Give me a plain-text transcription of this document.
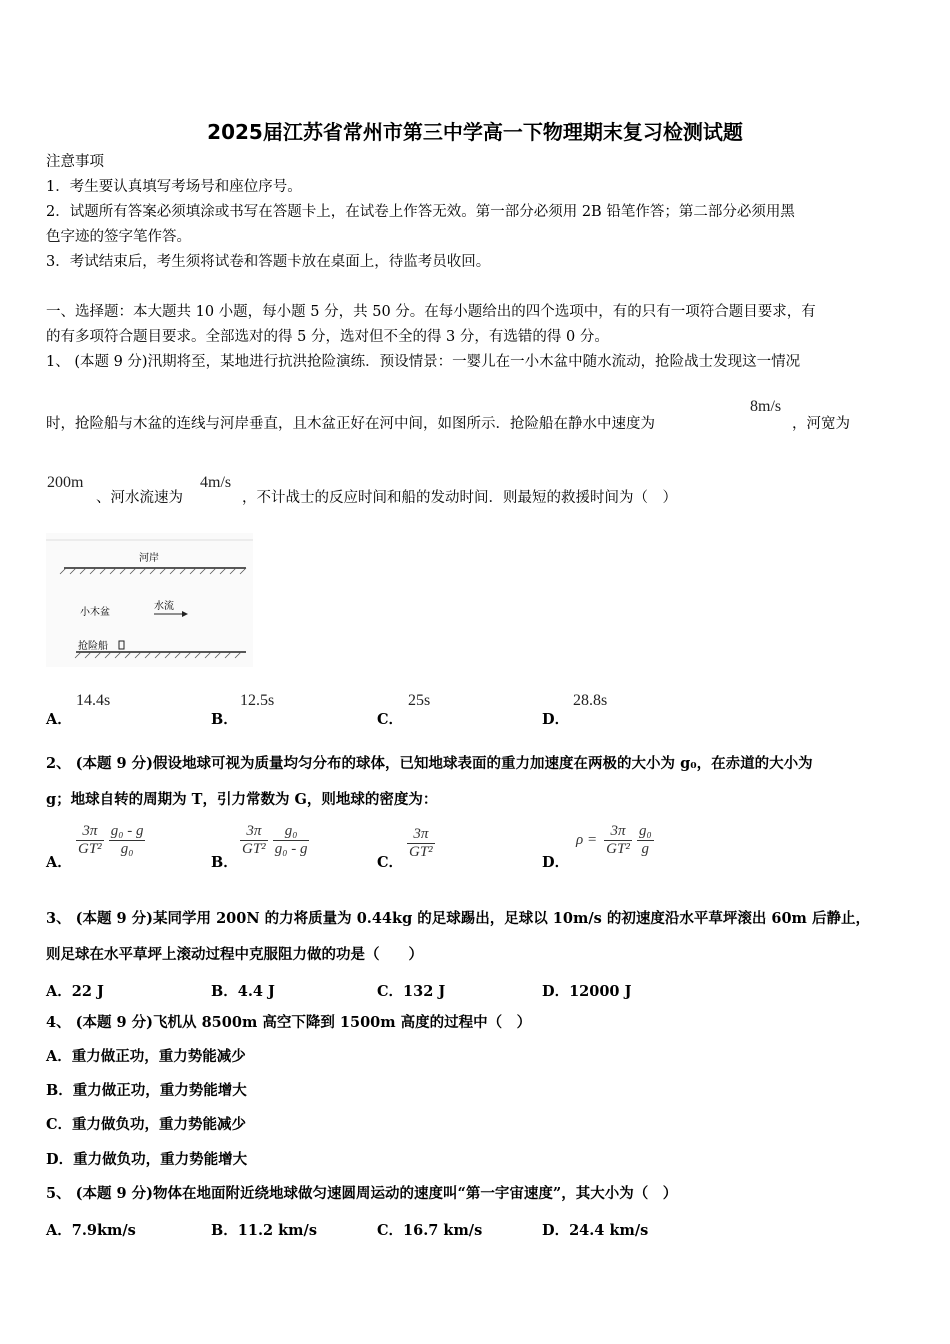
2025届江苏省常州市第三中学高一下物理期末复习检测试题
注意事项
1．考生要认真填写考场号和座位序号。
2．试题所有答案必须填涂或书写在答题卡上，在试卷上作答无效。第一部分必须用 2B 铅笔作答；第二部分必须用黑
色字迹的签字笔作答。
3．考试结束后，考生须将试卷和答题卡放在桌面上，待监考员收回。
一、选择题：本大题共 10 小题，每小题 5 分，共 50 分。在每小题给出的四个选项中，有的只有一项符合题目要求，有
的有多项符合题目要求。全部选对的得 5 分，选对但不全的得 3 分，有选错的得 0 分。
1、 (本题 9 分)汛期将至，某地进行抗洪抢险演练．预设情景：一婴儿在一小木盆中随水流动，抢险战士发现这一情况
时，抢险船与木盆的连线与河岸垂直，且木盆正好在河中间，如图所示．抢险船在静水中速度为
8m/s
，河宽为
200m
、河水流速为
4m/s
，不计战士的反应时间和船的发动时间．则最短的救援时间为（　）
河岸
小木盆
水流
抢险船
A．
14.4s
B．
12.5s
C．
25s
D．
28.8s
2、 (本题 9 分)假设地球可视为质量均匀分布的球体，已知地球表面的重力加速度在两极的大小为 g₀，在赤道的大小为
g；地球自转的周期为 T，引力常数为 G，则地球的密度为：
A．
$\frac{3\pi}{\text{GT²}}$
$\frac{\text{g₀ - g}}{\text{g₀}}$
B．
$\frac{3\pi}{\text{GT²}}$
$\frac{\text{g₀}}{\text{g₀ - g}}$
C．
$\frac{3\pi}{\text{GT²}}$
D．
ρ =
$\frac{3\pi}{\text{GT²}}$
$\frac{\text{g₀}}{g}$
3、 (本题 9 分)某同学用 200N 的力将质量为 0.44kg 的足球踢出，足球以 10m/s 的初速度沿水平草坪滚出 60m 后静止，
则足球在水平草坪上滚动过程中克服阻力做的功是（　　）
A．22 J	B．4.4 J	C．132 J	D．12000 J
4、 (本题 9 分)飞机从 8500m 高空下降到 1500m 高度的过程中（　）
A．重力做正功，重力势能减少
B．重力做正功，重力势能增大
C．重力做负功，重力势能减少
D．重力做负功，重力势能增大
5、 (本题 9 分)物体在地面附近绕地球做匀速圆周运动的速度叫“第一宇宙速度”，其大小为（　）
A．7.9km/s	B．11.2 km/s	C．16.7 km/s	D．24.4 km/s
